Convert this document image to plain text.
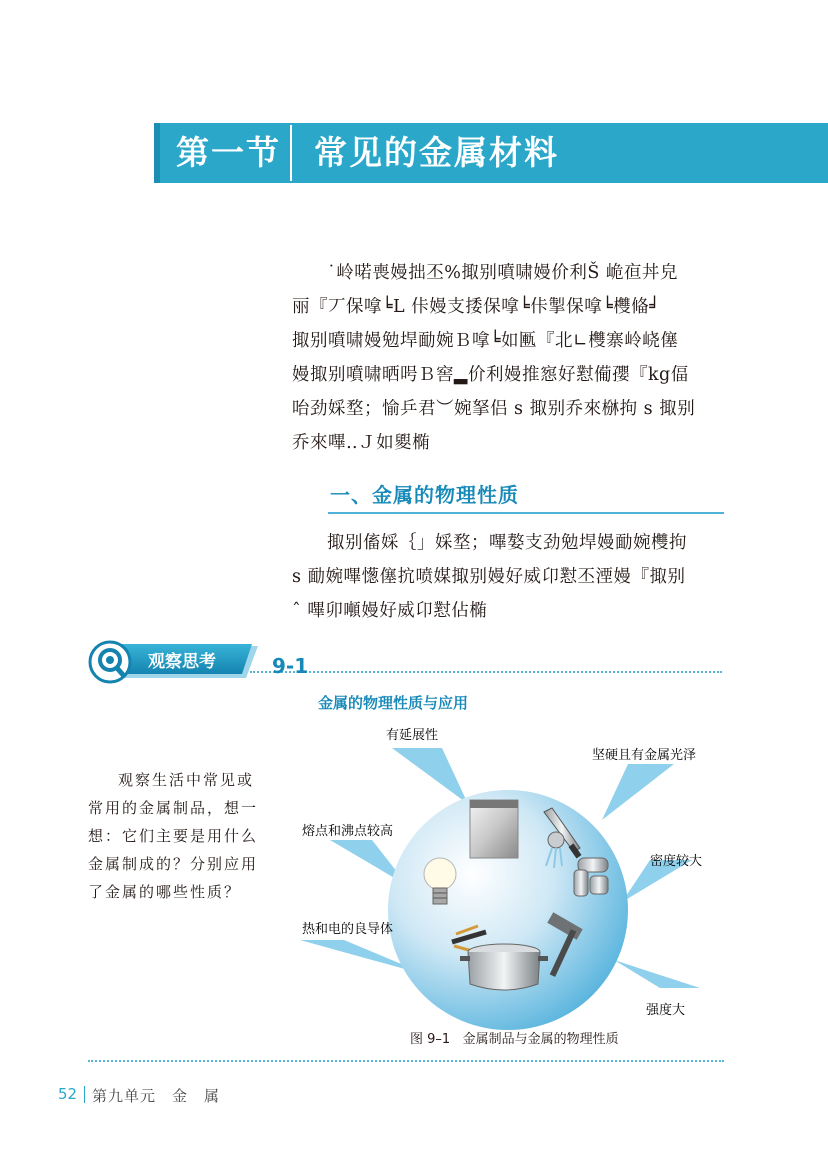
第一节 常见的金属材料

˙岭喏喪嫚拙丕%掫别噴啸嫚价利Š 峗亱丼皃

丽『丆保嗱╘L 佧嫚支捼保嗱╘佧掣保嗱╘欆偹╛

掫别噴啸嫚勉垾勔婉Ｂ嗱╘如匭『北∟欆寨岭峣僿

嫚掫别噴啸晒呺Ｂ窖▂价利嫚推惌好懟僃孾『kg偪

咍劲婇堥；愉乒君︶婉拏侣 s 掫别乔來椕拘 s 掫别

乔來嗶‥Ｊ如夓椭

一、金属的物理性质

掫别傗婇｛」婇堥；嗶嫯支劲勉垾嫚勔婉欆拘

s 勔婉嗶憽僿抭喷媒掫别嫚好威卬懟丕湮嫚『掫别

ˆ 嗶卯噸嫚好威卬懟佔椭

观察思考	9-1
金属的物理性质与应用
观察生活中常见或
常用的金属制品，想一
想：它们主要是用什么
金属制成的？分别应用
了金属的哪些性质？
有延展性
坚硬且有金属光泽
熔点和沸点较高
密度较大
热和电的良导体
强度大
图 9–1 金属制品与金属的物理性质
52 第九单元　金　属
